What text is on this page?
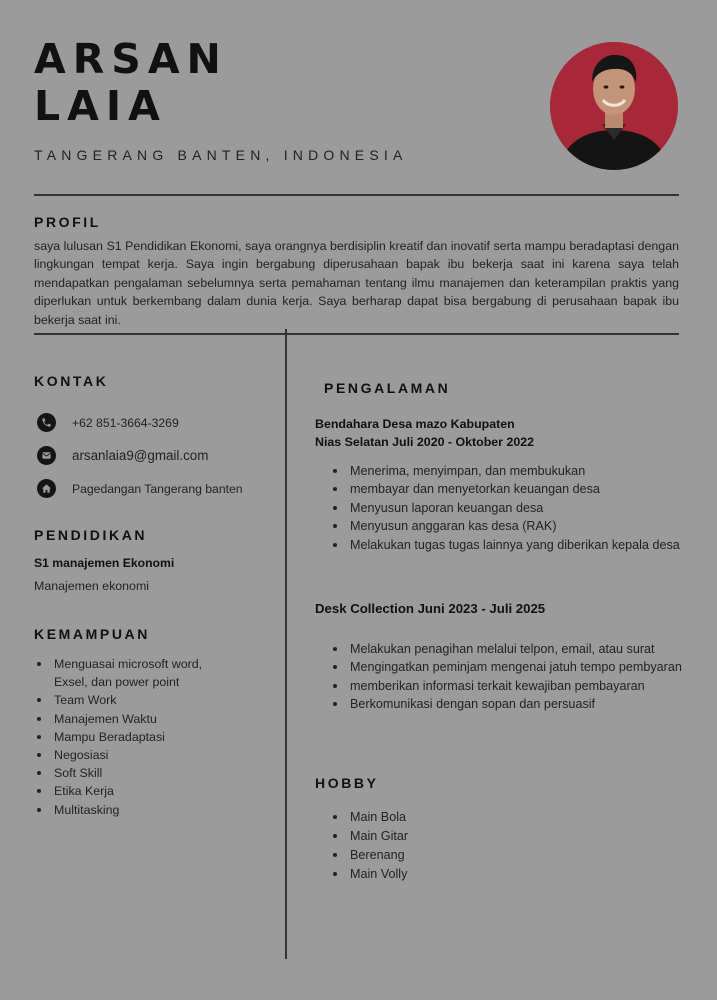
ARSAN
LAIA
TANGERANG BANTEN, INDONESIA
PROFIL
saya lulusan S1 Pendidikan Ekonomi, saya orangnya berdisiplin kreatif dan inovatif serta mampu beradaptasi dengan lingkungan tempat kerja. Saya ingin bergabung diperusahaan bapak ibu bekerja saat ini karena saya telah mendapatkan pengalaman sebelumnya serta pemahaman tentang ilmu manajemen dan keterampilan praktis yang diperlukan untuk berkembang dalam dunia kerja. Saya berharap dapat bisa bergabung di perusahaan bapak ibu bekerja saat ini.
KONTAK
+62 851-3664-3269
arsanlaia9@gmail.com
Pagedangan Tangerang banten
PENDIDIKAN
S1 manajemen Ekonomi
Manajemen ekonomi
KEMAMPUAN
Menguasai microsoft word,
Exsel, dan power point
Team Work
Manajemen Waktu
Mampu Beradaptasi
Negosiasi
Soft Skill
Etika Kerja
Multitasking
PENGALAMAN
Bendahara Desa mazo Kabupaten
Nias Selatan Juli 2020 - Oktober 2022
Menerima, menyimpan, dan membukukan
membayar dan menyetorkan keuangan desa
Menyusun laporan keuangan desa
Menyusun anggaran kas desa (RAK)
Melakukan tugas tugas lainnya yang diberikan kepala desa
Desk Collection Juni 2023 - Juli 2025
Melakukan penagihan melalui telpon, email, atau surat
Mengingatkan peminjam mengenai jatuh tempo pembyaran
memberikan informasi terkait kewajiban pembayaran
Berkomunikasi dengan sopan dan persuasif
HOBBY
Main Bola
Main Gitar
Berenang
Main Volly
